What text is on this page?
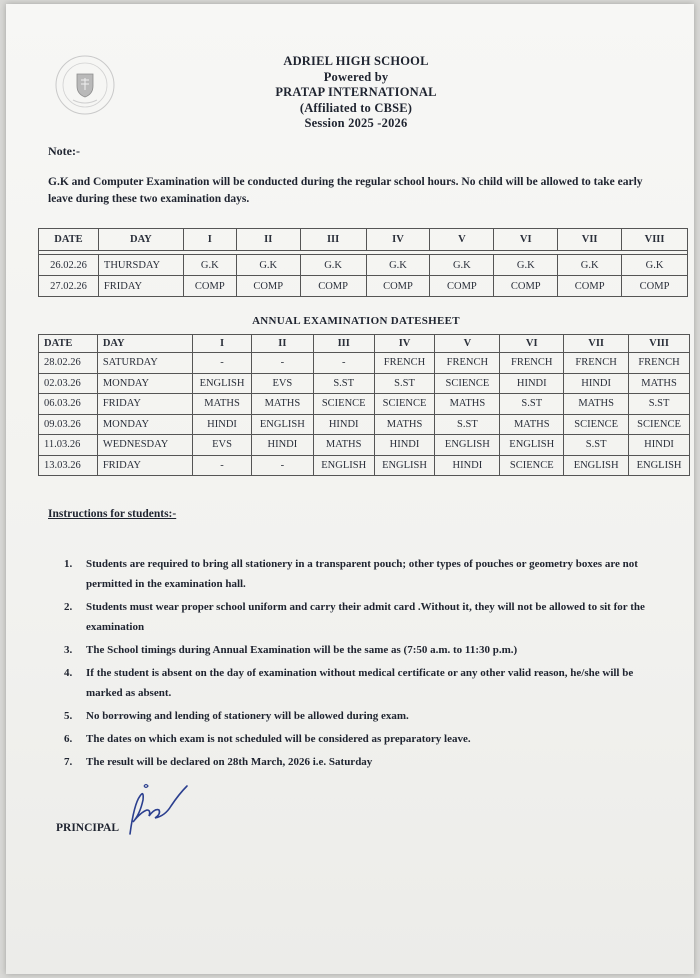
ADRIEL HIGH SCHOOL
Powered by
PRATAP INTERNATIONAL
(Affiliated to CBSE)
Session 2025 -2026
Note:-
G.K and Computer Examination will be conducted during the regular school hours. No child will be allowed to take early leave during these two examination days.
DATE	DAY	I	II	III	IV	V	VI	VII	VIII

26.02.26	THURSDAY	G.K	G.K	G.K	G.K	G.K	G.K	G.K	G.K
27.02.26	FRIDAY	COMP	COMP	COMP	COMP	COMP	COMP	COMP	COMP
ANNUAL EXAMINATION DATESHEET
DATE	DAY	I	II	III	IV	V	VI	VII	VIII
28.02.26	SATURDAY	-	-	-	FRENCH	FRENCH	FRENCH	FRENCH	FRENCH
02.03.26	MONDAY	ENGLISH	EVS	S.ST	S.ST	SCIENCE	HINDI	HINDI	MATHS
06.03.26	FRIDAY	MATHS	MATHS	SCIENCE	SCIENCE	MATHS	S.ST	MATHS	S.ST
09.03.26	MONDAY	HINDI	ENGLISH	HINDI	MATHS	S.ST	MATHS	SCIENCE	SCIENCE
11.03.26	WEDNESDAY	EVS	HINDI	MATHS	HINDI	ENGLISH	ENGLISH	S.ST	HINDI
13.03.26	FRIDAY	-	-	ENGLISH	ENGLISH	HINDI	SCIENCE	ENGLISH	ENGLISH
Instructions for students:-
1.	Students are required to bring all stationery in a transparent pouch; other types of pouches or geometry boxes are not permitted in the examination hall.
2.	Students must wear proper school uniform and carry their admit card .Without it, they will not be allowed to sit for the examination
3.	The School timings during Annual Examination will be the same as (7:50 a.m. to 11:30 p.m.)
4.	If the student is absent on the day of examination without medical certificate or any other valid reason, he/she will be marked as absent.
5.	No borrowing and lending of stationery will be allowed during exam.
6.	The dates on which exam is not scheduled will be considered as preparatory leave.
7.	The result will be declared on 28th March, 2026 i.e. Saturday
PRINCIPAL
